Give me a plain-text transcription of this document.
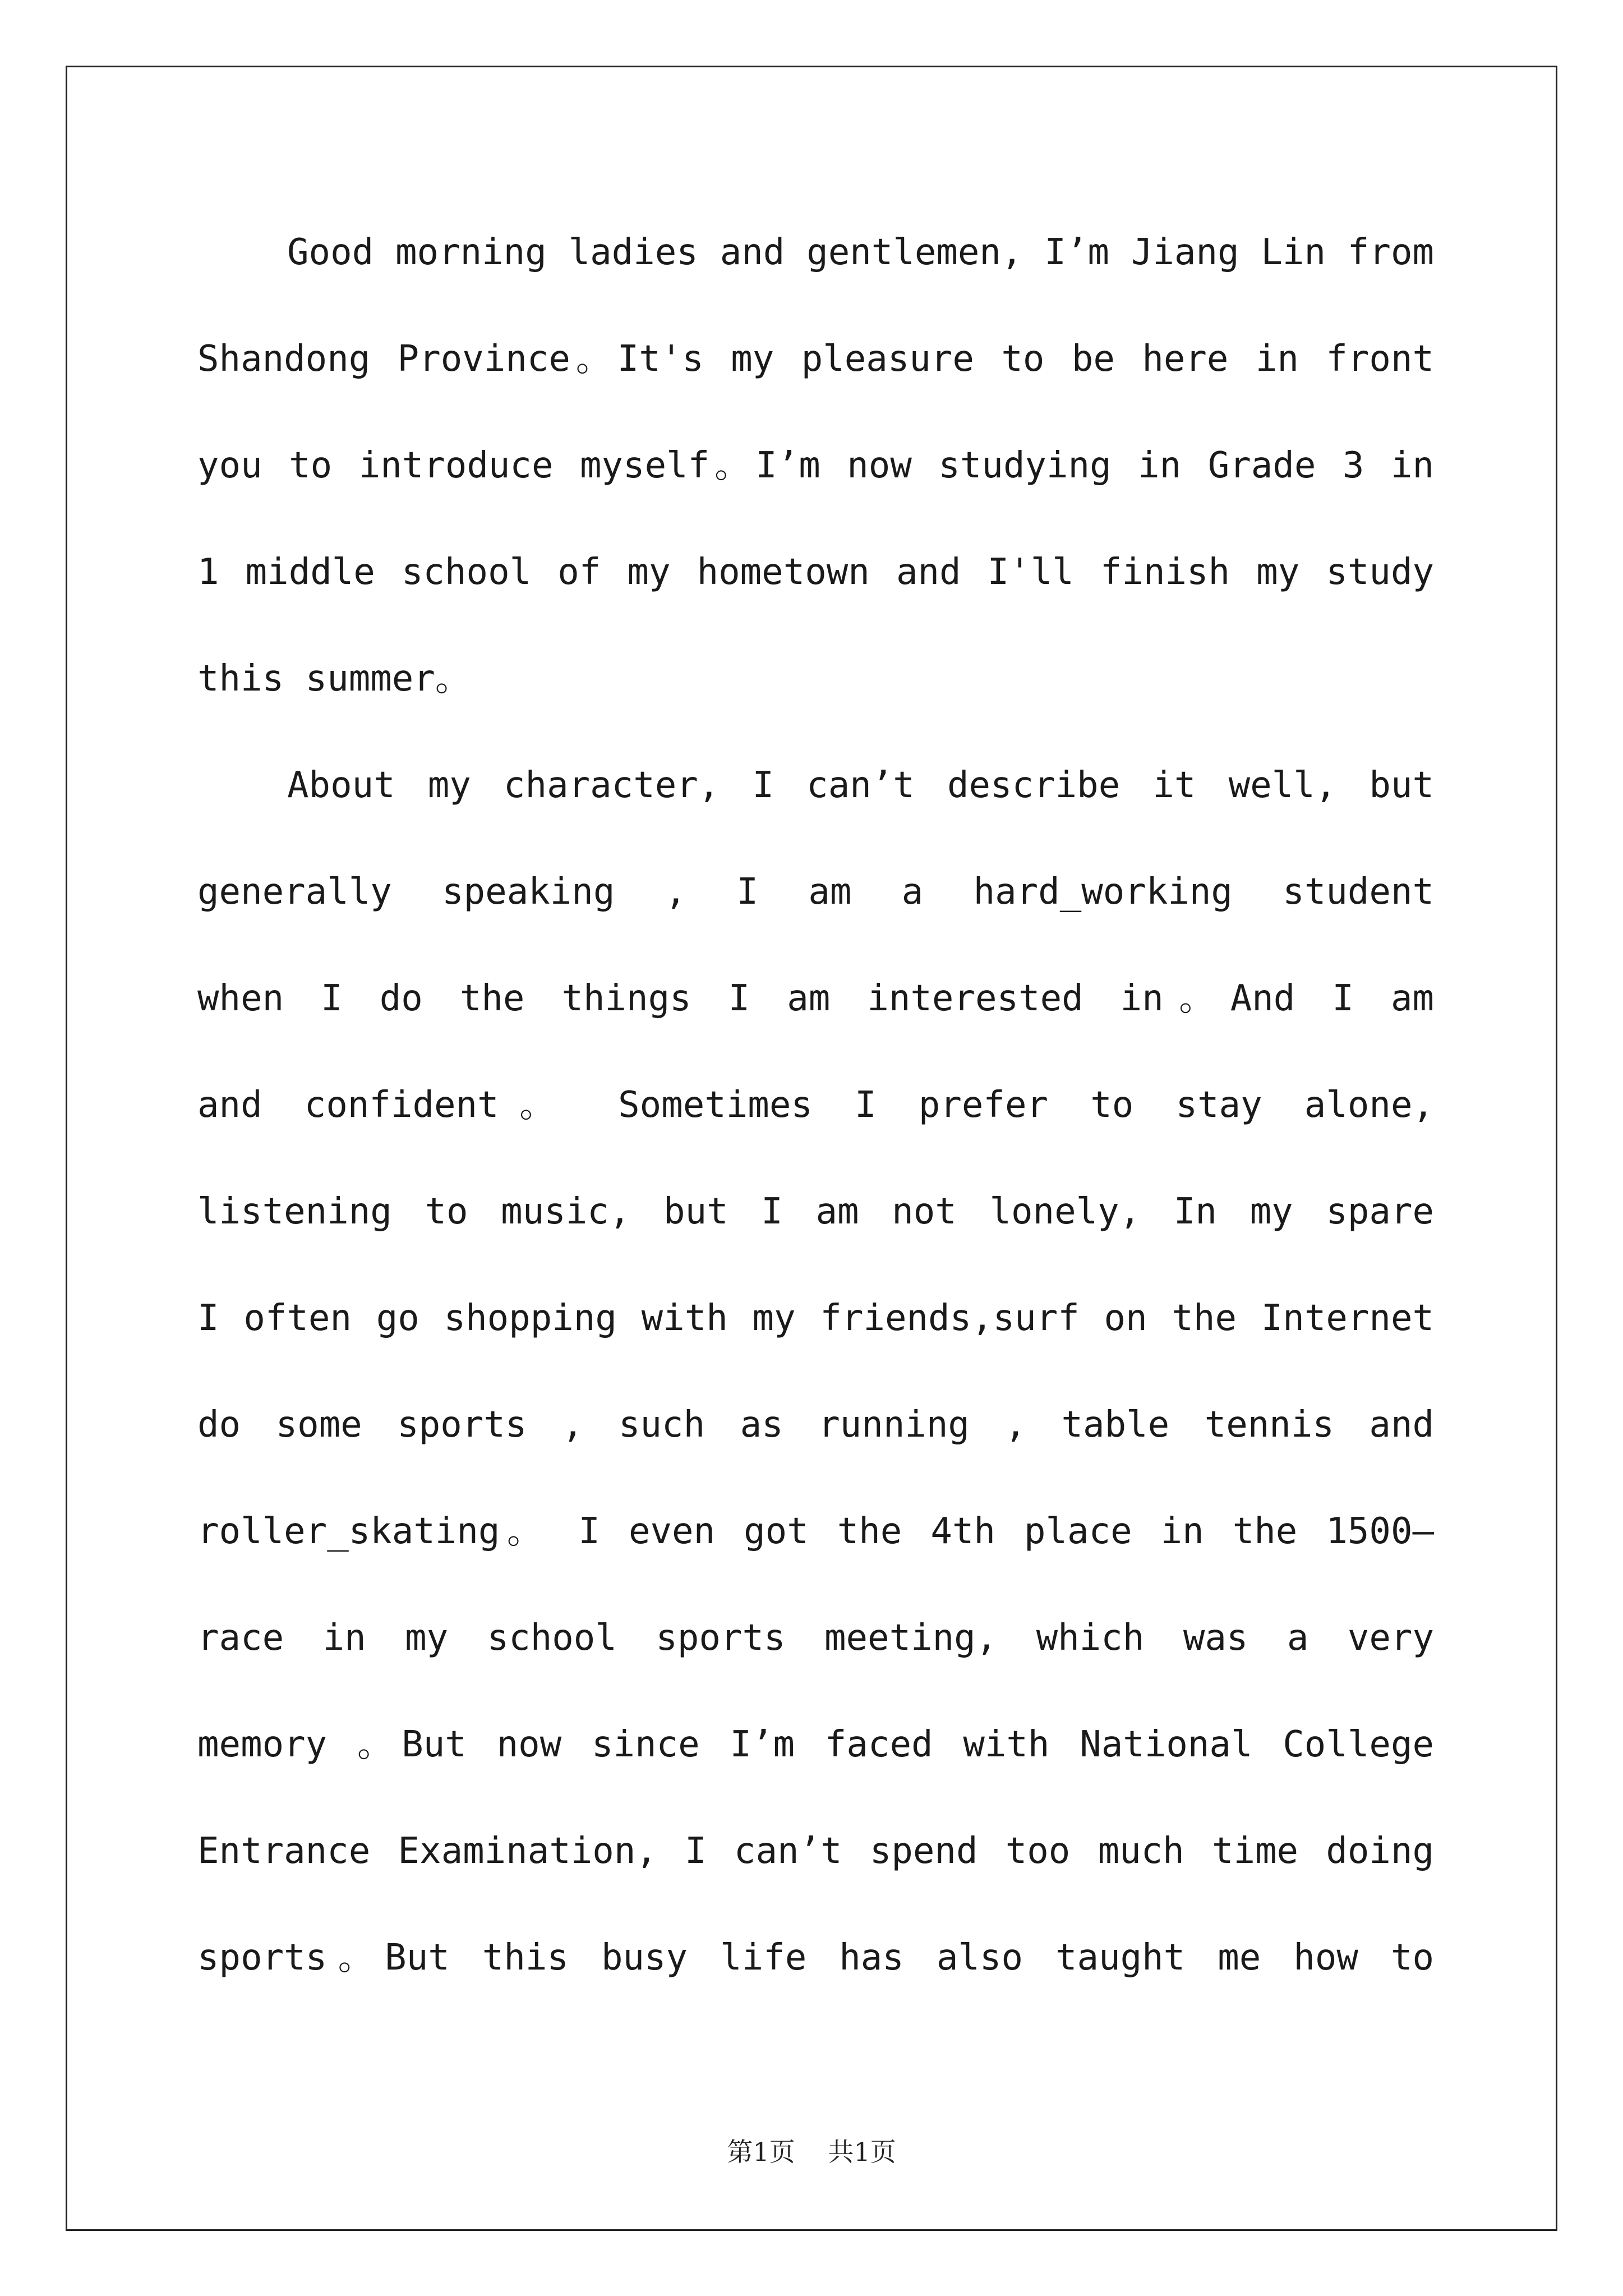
Good morning ladies and gentlemen, I’m Jiang Lin from
Shandong Province。It's my pleasure to be here in front
you to introduce myself。I’m now studying in Grade 3 in
1 middle school of my hometown and I'll finish my study
this summer。
About my character, I can’t describe it well, but
generally speaking , I am a hard_working student
when I do the things I am interested in。And I am
and confident。 Sometimes I prefer to stay alone,
listening to music, but I am not lonely, In my spare
I often go shopping with my friends,surf on the Internet
do some sports , such as running , table tennis and
roller_skating。 I even got the 4th place in the 1500—
race in my school sports meeting, which was a very
memory 。But now since I’m faced with National College
Entrance Examination, I can’t spend too much time doing
sports。But this busy life has also taught me how to
第1页 共1页
